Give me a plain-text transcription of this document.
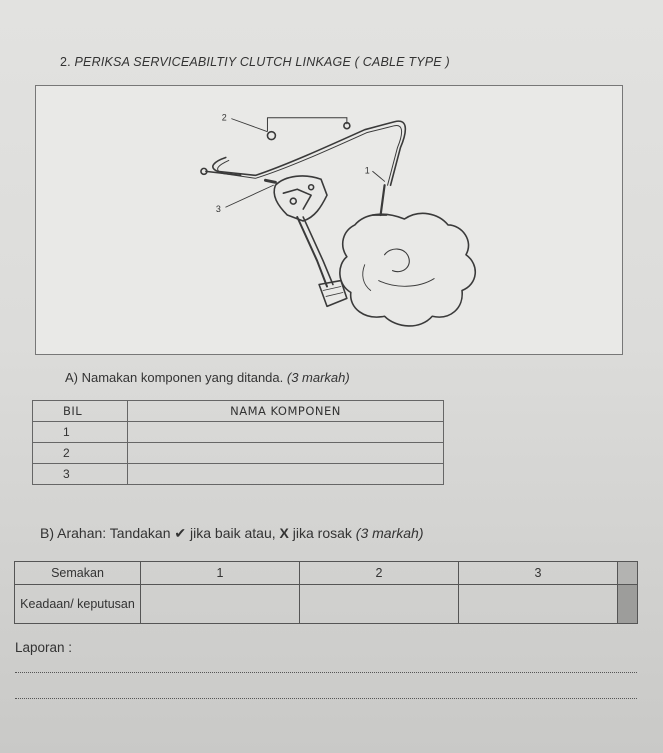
2. PERIKSA SERVICEABILTIY CLUTCH LINKAGE ( CABLE TYPE )
2
1
3
A) Namakan komponen yang ditanda. (3 markah)
BIL	NAMA KOMPONEN
1	
2	
3	
B) Arahan: Tandakan ✔ jika baik atau, X jika rosak (3 markah)
Semakan	1	2	3	
Keadaan/ keputusan				
Laporan :
